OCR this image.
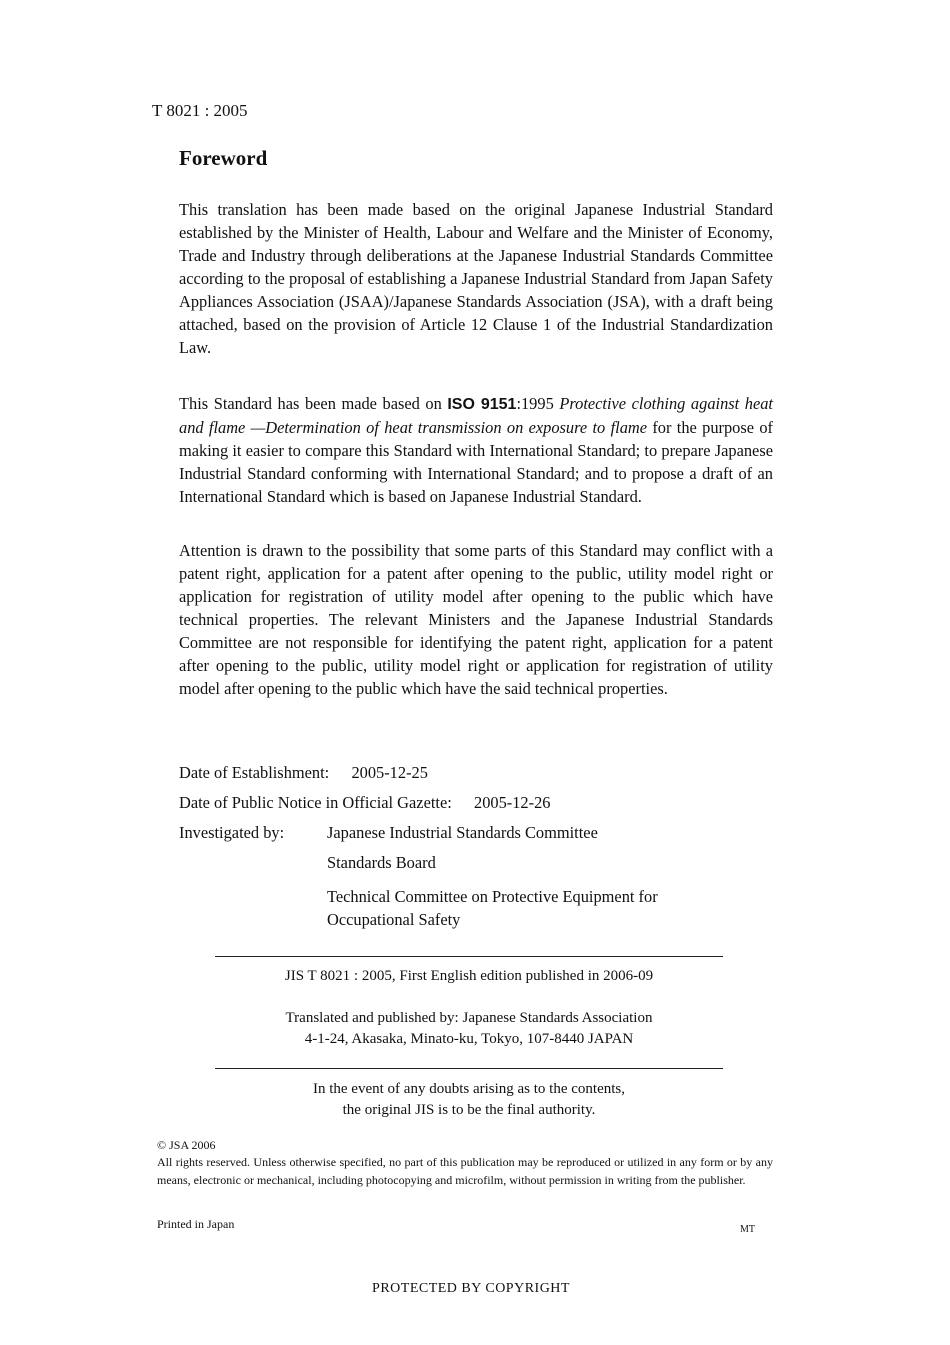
T 8021 : 2005
Foreword

This translation has been made based on the original Japanese Industrial Standard established by the Minister of Health, Labour and Welfare and the Minister of Economy, Trade and Industry through deliberations at the Japanese Industrial Standards Committee according to the proposal of establishing a Japanese Industrial Standard from Japan Safety Appliances Association (JSAA)/Japanese Standards Association (JSA), with a draft being attached, based on the provision of Article 12 Clause 1 of the Industrial Standardization Law.

This Standard has been made based on ISO 9151:1995 Protective clothing against heat and flame —Determination of heat transmission on exposure to flame for the purpose of making it easier to compare this Standard with International Standard; to prepare Japanese Industrial Standard conforming with International Standard; and to propose a draft of an International Standard which is based on Japanese Industrial Standard.

Attention is drawn to the possibility that some parts of this Standard may conflict with a patent right, application for a patent after opening to the public, utility model right or application for registration of utility model after opening to the public which have technical properties. The relevant Ministers and the Japanese Industrial Standards Committee are not responsible for identifying the patent right, application for a patent after opening to the public, utility model right or application for registration of utility model after opening to the public which have the said technical properties.

Date of Establishment: 2005-12-25
Date of Public Notice in Official Gazette: 2005-12-26
Investigated by:	Japanese Industrial Standards Committee
Standards Board
Technical Committee on Protective Equipment for Occupational Safety
JIS T 8021 : 2005, First English edition published in 2006-09
Translated and published by: Japanese Standards Association
4-1-24, Akasaka, Minato-ku, Tokyo, 107-8440 JAPAN
In the event of any doubts arising as to the contents,
the original JIS is to be the final authority.
© JSA 2006
All rights reserved. Unless otherwise specified, no part of this publication may be reproduced or utilized in any form or by any means, electronic or mechanical, including photocopying and microfilm, without permission in writing from the publisher.
Printed in Japan	MT
PROTECTED BY COPYRIGHT
